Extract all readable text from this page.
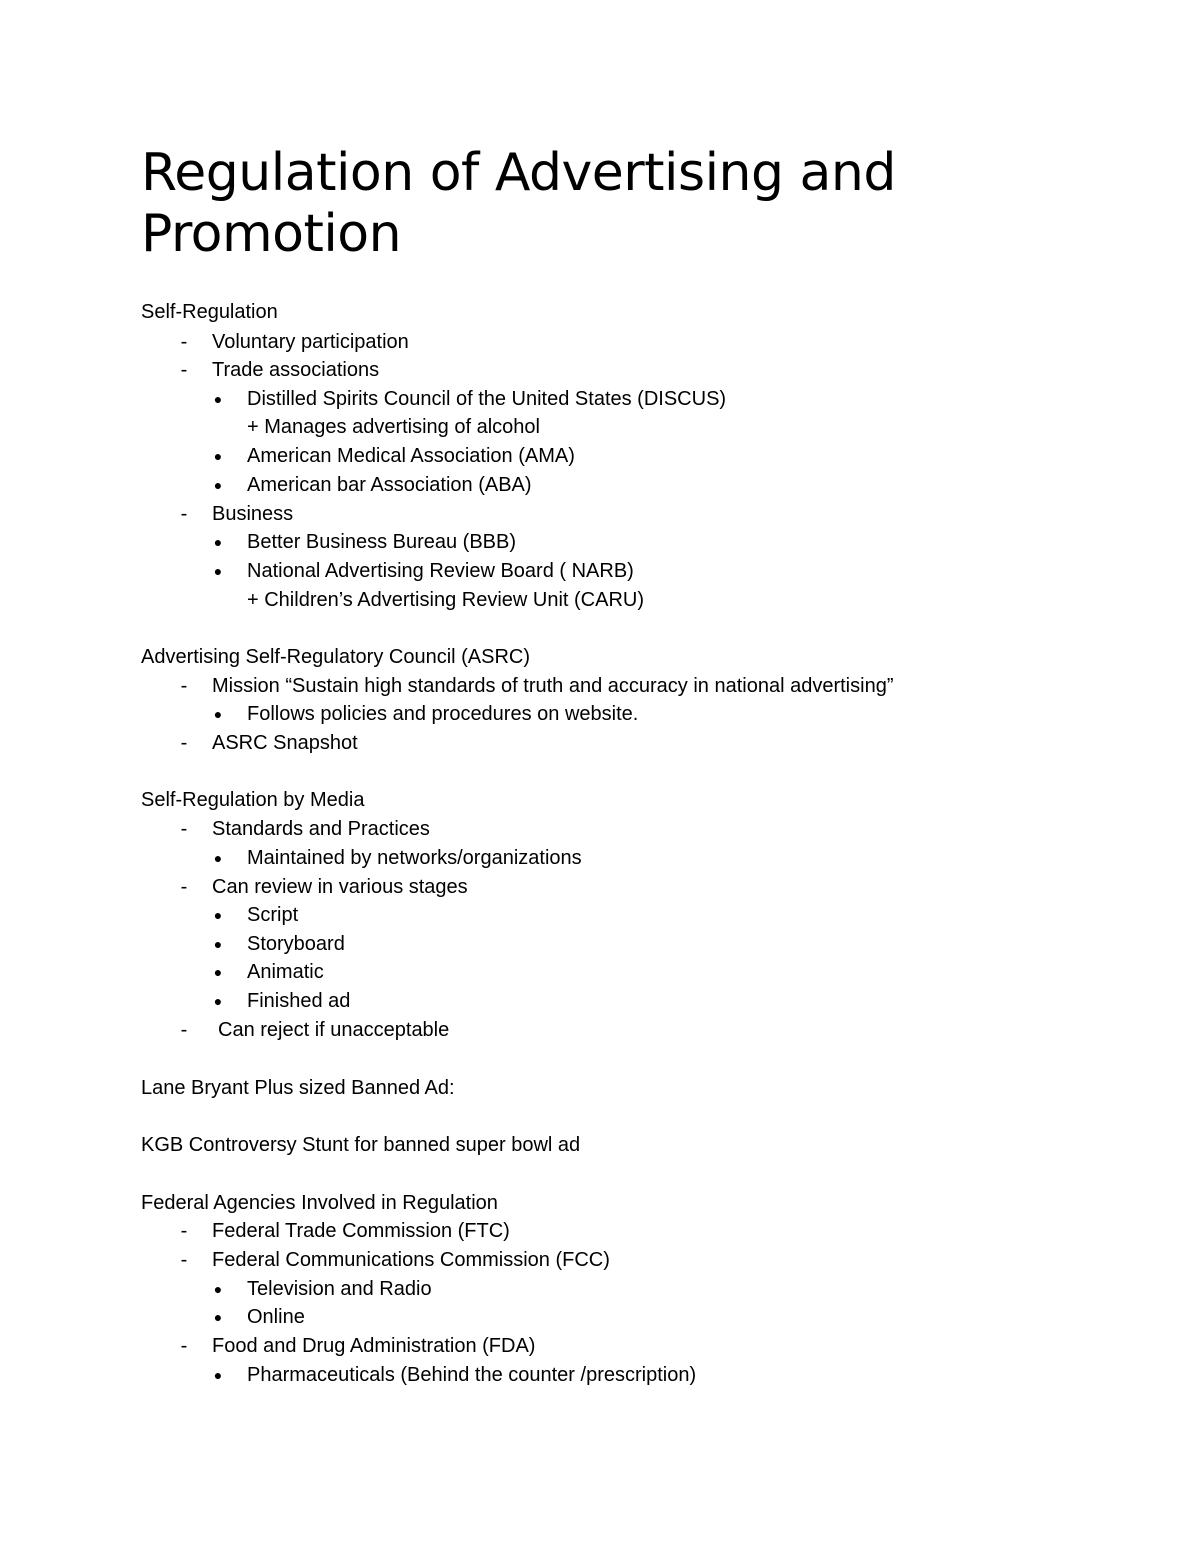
Regulation of Advertising and Promotion
Self-Regulation
-	Voluntary participation
-	Trade associations
● Distilled Spirits Council of the United States (DISCUS)
+ Manages advertising of alcohol
● American Medical Association (AMA)
● American bar Association (ABA)
-	Business
● Better Business Bureau (BBB)
● National Advertising Review Board ( NARB)
+ Children’s Advertising Review Unit (CARU)
Advertising Self-Regulatory Council (ASRC)
-	Mission “Sustain high standards of truth and accuracy in national advertising”
● Follows policies and procedures on website.
-	ASRC Snapshot
Self-Regulation by Media
-	Standards and Practices
● Maintained by networks/organizations
-	Can review in various stages
● Script
● Storyboard
● Animatic
● Finished ad
-	Can reject if unacceptable
Lane Bryant Plus sized Banned Ad:
KGB Controversy Stunt for banned super bowl ad
Federal Agencies Involved in Regulation
-	Federal Trade Commission (FTC)
-	Federal Communications Commission (FCC)
● Television and Radio
● Online
-	Food and Drug Administration (FDA)
● Pharmaceuticals (Behind the counter /prescription)
